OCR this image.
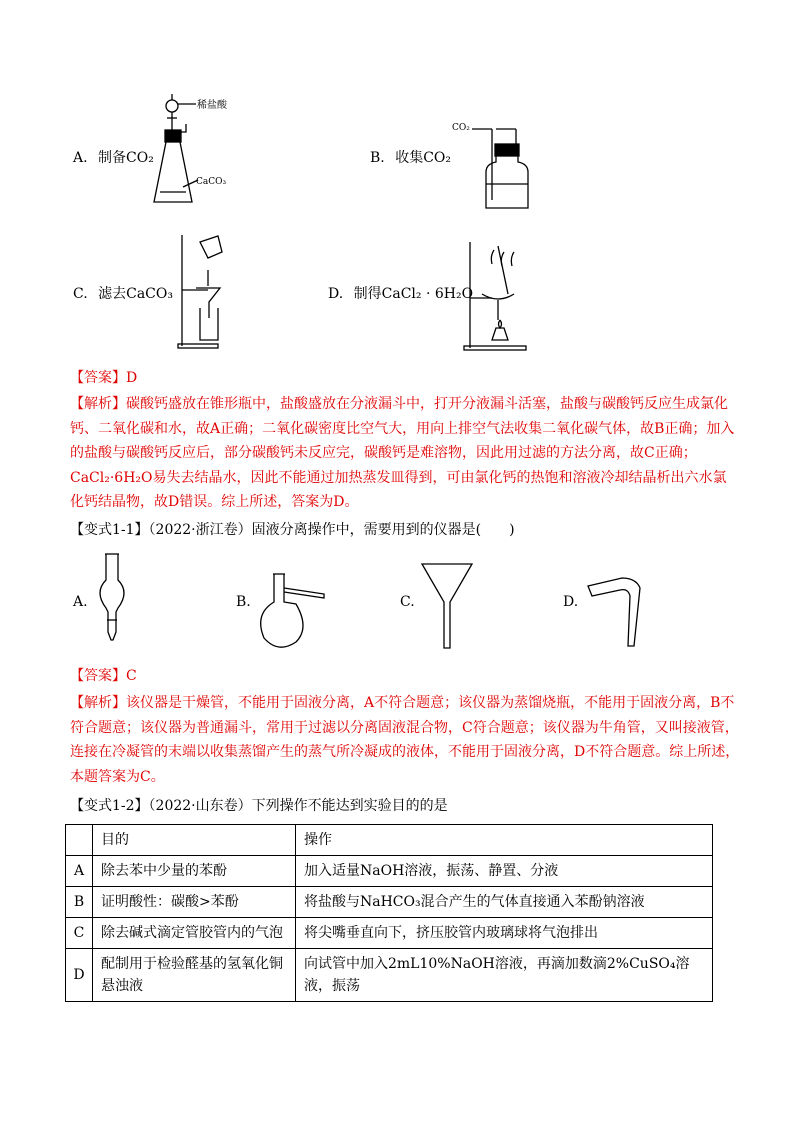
A. 制备CO₂
稀盐酸
CaCO₃
B. 收集CO₂
CO₂
C. 滤去CaCO₃	D. 制得CaCl₂ · 6H₂O
【答案】D
【解析】碳酸钙盛放在锥形瓶中，盐酸盛放在分液漏斗中，打开分液漏斗活塞，盐酸与碳酸钙反应生成氯化钙、二氧化碳和水，故A正确；二氧化碳密度比空气大，用向上排空气法收集二氧化碳气体，故B正确；加入的盐酸与碳酸钙反应后，部分碳酸钙未反应完，碳酸钙是难溶物，因此用过滤的方法分离，故C正确；CaCl₂·6H₂O易失去结晶水，因此不能通过加热蒸发皿得到，可由氯化钙的热饱和溶液冷却结晶析出六水氯化钙结晶物，故D错误。综上所述，答案为D。
【变式1-1】（2022·浙江卷）固液分离操作中，需要用到的仪器是(　　)
A.	B.	C.	D.
【答案】C
【解析】该仪器是干燥管，不能用于固液分离，A不符合题意；该仪器为蒸馏烧瓶，不能用于固液分离，B不符合题意；该仪器为普通漏斗，常用于过滤以分离固液混合物，C符合题意；该仪器为牛角管，又叫接液管，连接在冷凝管的末端以收集蒸馏产生的蒸气所冷凝成的液体，不能用于固液分离，D不符合题意。综上所述，本题答案为C。
【变式1-2】（2022·山东卷）下列操作不能达到实验目的的是
	目的	操作
A	除去苯中少量的苯酚	加入适量NaOH溶液，振荡、静置、分液
B	证明酸性：碳酸>苯酚	将盐酸与NaHCO₃混合产生的气体直接通入苯酚钠溶液
C	除去碱式滴定管胶管内的气泡	将尖嘴垂直向下，挤压胶管内玻璃球将气泡排出
D	配制用于检验醛基的氢氧化铜悬浊液	向试管中加入2mL10%NaOH溶液，再滴加数滴2%CuSO₄溶液，振荡
